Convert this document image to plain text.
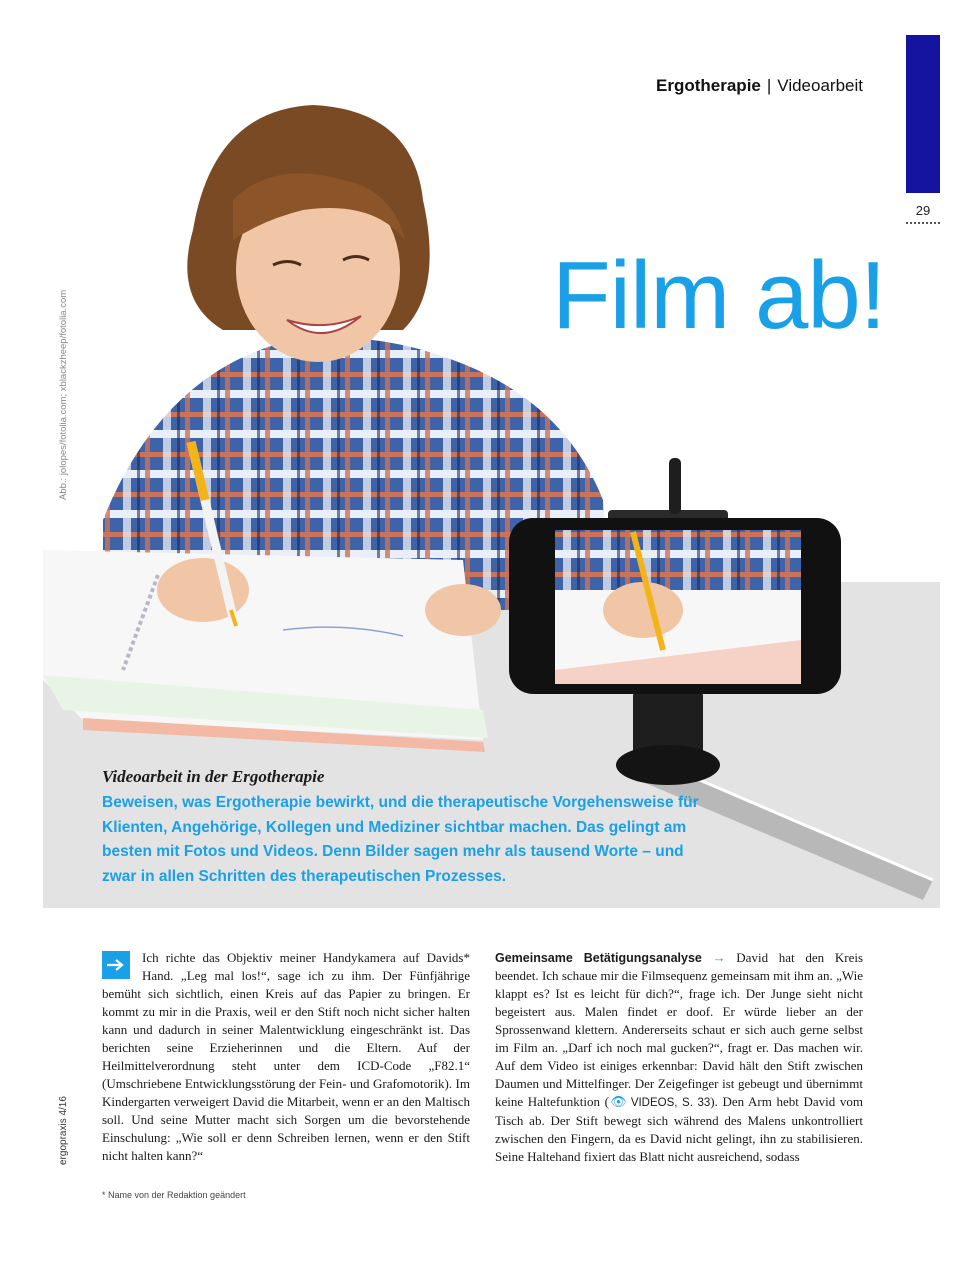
Ergotherapie | Videoarbeit
29
Abb.: jolopes/fotolia.com; xblackzheep/fotolia.com	Film ab!
Videoarbeit in der Ergotherapie
Beweisen, was Ergotherapie bewirkt, und die therapeutische Vorgehensweise für Klienten, Angehörige, Kollegen und Mediziner sichtbar machen. Das gelingt am besten mit Fotos und Videos. Denn Bilder sagen mehr als tausend Worte – und zwar in allen Schritten des therapeutischen Prozesses.
Ich richte das Objektiv meiner Handykamera auf Davids* Hand. „Leg mal los!“, sage ich zu ihm. Der Fünfjährige bemüht sich sichtlich, einen Kreis auf das Papier zu bringen. Er kommt zu mir in die Praxis, weil er den Stift noch nicht sicher halten kann und dadurch in seiner Malentwicklung eingeschränkt ist. Das berichten seine Erzieherinnen und die Eltern. Auf der Heilmittelverordnung steht unter dem ICD-Code „F82.1“ (Umschriebene Entwicklungsstörung der Fein- und Grafomotorik). Im Kindergarten verweigert David die Mitarbeit, wenn er an den Maltisch soll. Und seine Mutter macht sich Sorgen um die bevorstehende Einschulung: „Wie soll er denn Schreiben lernen, wenn er den Stift nicht halten kann?“
Gemeinsame Betätigungsanalyse → David hat den Kreis beendet. Ich schaue mir die Filmsequenz gemeinsam mit ihm an. „Wie klappt es? Ist es leicht für dich?“, frage ich. Der Junge sieht nicht begeistert aus. Malen findet er doof. Er würde lieber an der Sprossenwand klettern. Andererseits schaut er sich auch gerne selbst im Film an. „Darf ich noch mal gucken?“, fragt er. Das machen wir. Auf dem Video ist einiges erkennbar: David hält den Stift zwischen Daumen und Mittelfinger. Der Zeigefinger ist gebeugt und übernimmt keine Haltefunktion (👁  VIDEOS, S. 33). Den Arm hebt David vom Tisch ab. Der Stift bewegt sich während des Malens unkontrolliert zwischen den Fingern, da es David nicht gelingt, ihn zu stabilisieren. Seine Haltehand fixiert das Blatt nicht ausreichend, sodass
ergopraxis 4/16
* Name von der Redaktion geändert
